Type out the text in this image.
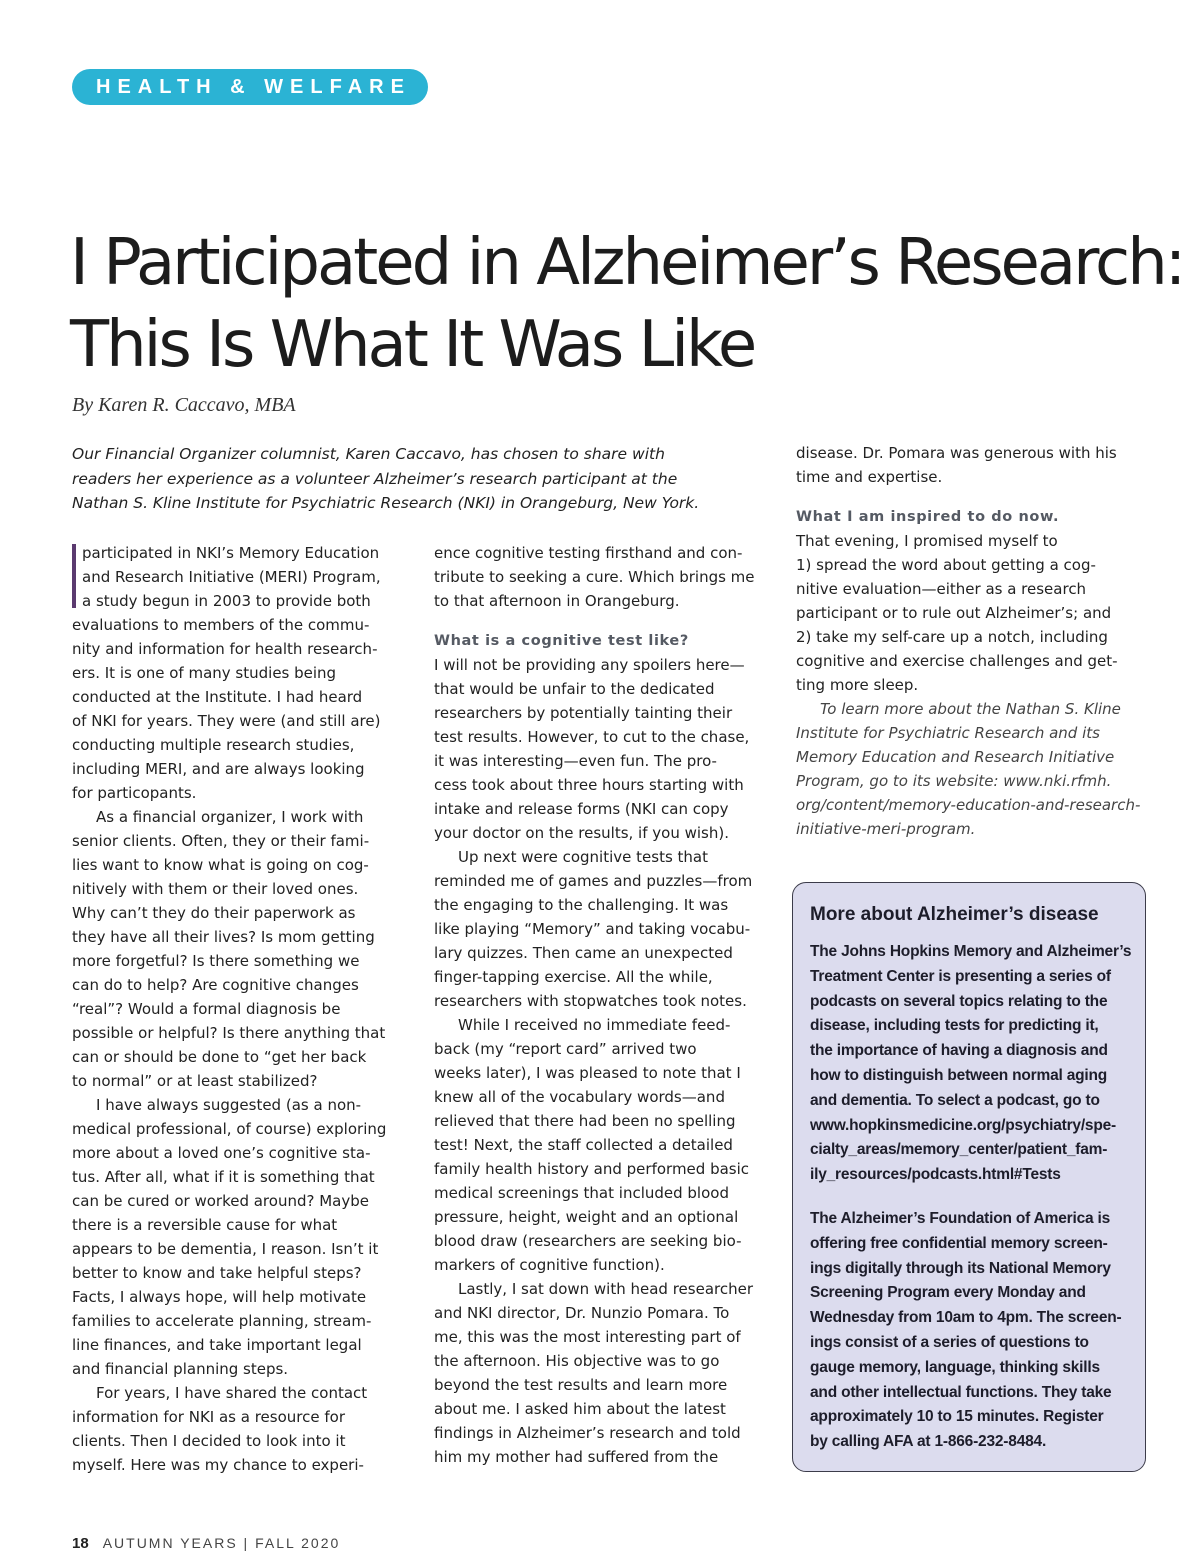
HEALTH & WELFARE
I Participated in Alzheimer’s Research:
This Is What It Was Like
By Karen R. Caccavo, MBA
Our Financial Organizer columnist, Karen Caccavo, has chosen to share with
readers her experience as a volunteer Alzheimer’s research participant at the
Nathan S. Kline Institute for Psychiatric Research (NKI) in Orangeburg, New York.
participated in NKI’s Memory Education
and Research Initiative (MERI) Program,
a study begun in 2003 to provide both
evaluations to members of the commu-
nity and information for health research-
ers. It is one of many studies being
conducted at the Institute. I had heard
of NKI for years. They were (and still are)
conducting multiple research studies,
including MERI, and are always looking
for particopants.
As a financial organizer, I work with
senior clients. Often, they or their fami-
lies want to know what is going on cog-
nitively with them or their loved ones.
Why can’t they do their paperwork as
they have all their lives? Is mom getting
more forgetful? Is there something we
can do to help? Are cognitive changes
“real”? Would a formal diagnosis be
possible or helpful? Is there anything that
can or should be done to “get her back
to normal” or at least stabilized?
I have always suggested (as a non-
medical professional, of course) exploring
more about a loved one’s cognitive sta-
tus. After all, what if it is something that
can be cured or worked around? Maybe
there is a reversible cause for what
appears to be dementia, I reason. Isn’t it
better to know and take helpful steps?
Facts, I always hope, will help motivate
families to accelerate planning, stream-
line finances, and take important legal
and financial planning steps.
For years, I have shared the contact
information for NKI as a resource for
clients. Then I decided to look into it
myself. Here was my chance to experi-
ence cognitive testing firsthand and con-
tribute to seeking a cure. Which brings me
to that afternoon in Orangeburg.
What is a cognitive test like?
I will not be providing any spoilers here—
that would be unfair to the dedicated
researchers by potentially tainting their
test results. However, to cut to the chase,
it was interesting—even fun. The pro-
cess took about three hours starting with
intake and release forms (NKI can copy
your doctor on the results, if you wish).
Up next were cognitive tests that
reminded me of games and puzzles—from
the engaging to the challenging. It was
like playing “Memory” and taking vocabu-
lary quizzes. Then came an unexpected
finger-tapping exercise. All the while,
researchers with stopwatches took notes.
While I received no immediate feed-
back (my “report card” arrived two
weeks later), I was pleased to note that I
knew all of the vocabulary words—and
relieved that there had been no spelling
test! Next, the staff collected a detailed
family health history and performed basic
medical screenings that included blood
pressure, height, weight and an optional
blood draw (researchers are seeking bio-
markers of cognitive function).
Lastly, I sat down with head researcher
and NKI director, Dr. Nunzio Pomara. To
me, this was the most interesting part of
the afternoon. His objective was to go
beyond the test results and learn more
about me. I asked him about the latest
findings in Alzheimer’s research and told
him my mother had suffered from the
disease. Dr. Pomara was generous with his
time and expertise.
What I am inspired to do now.
That evening, I promised myself to
1) spread the word about getting a cog-
nitive evaluation—either as a research
participant or to rule out Alzheimer’s; and
2) take my self-care up a notch, including
cognitive and exercise challenges and get-
ting more sleep.
To learn more about the Nathan S. Kline
Institute for Psychiatric Research and its
Memory Education and Research Initiative
Program, go to its website: www.nki.rfmh.
org/content/memory-education-and-research-
initiative-meri-program.
More about Alzheimer’s disease
The Johns Hopkins Memory and Alzheimer’s
Treatment Center is presenting a series of
podcasts on several topics relating to the
disease, including tests for predicting it,
the importance of having a diagnosis and
how to distinguish between normal aging
and dementia. To select a podcast, go to
www.hopkinsmedicine.org/psychiatry/spe-
cialty_areas/memory_center/patient_fam-
ily_resources/podcasts.html#Tests
The Alzheimer’s Foundation of America is
offering free confidential memory screen-
ings digitally through its National Memory
Screening Program every Monday and
Wednesday from 10am to 4pm. The screen-
ings consist of a series of questions to
gauge memory, language, thinking skills
and other intellectual functions. They take
approximately 10 to 15 minutes. Register
by calling AFA at 1-866-232-8484.
18 AUTUMN YEARS | FALL 2020
